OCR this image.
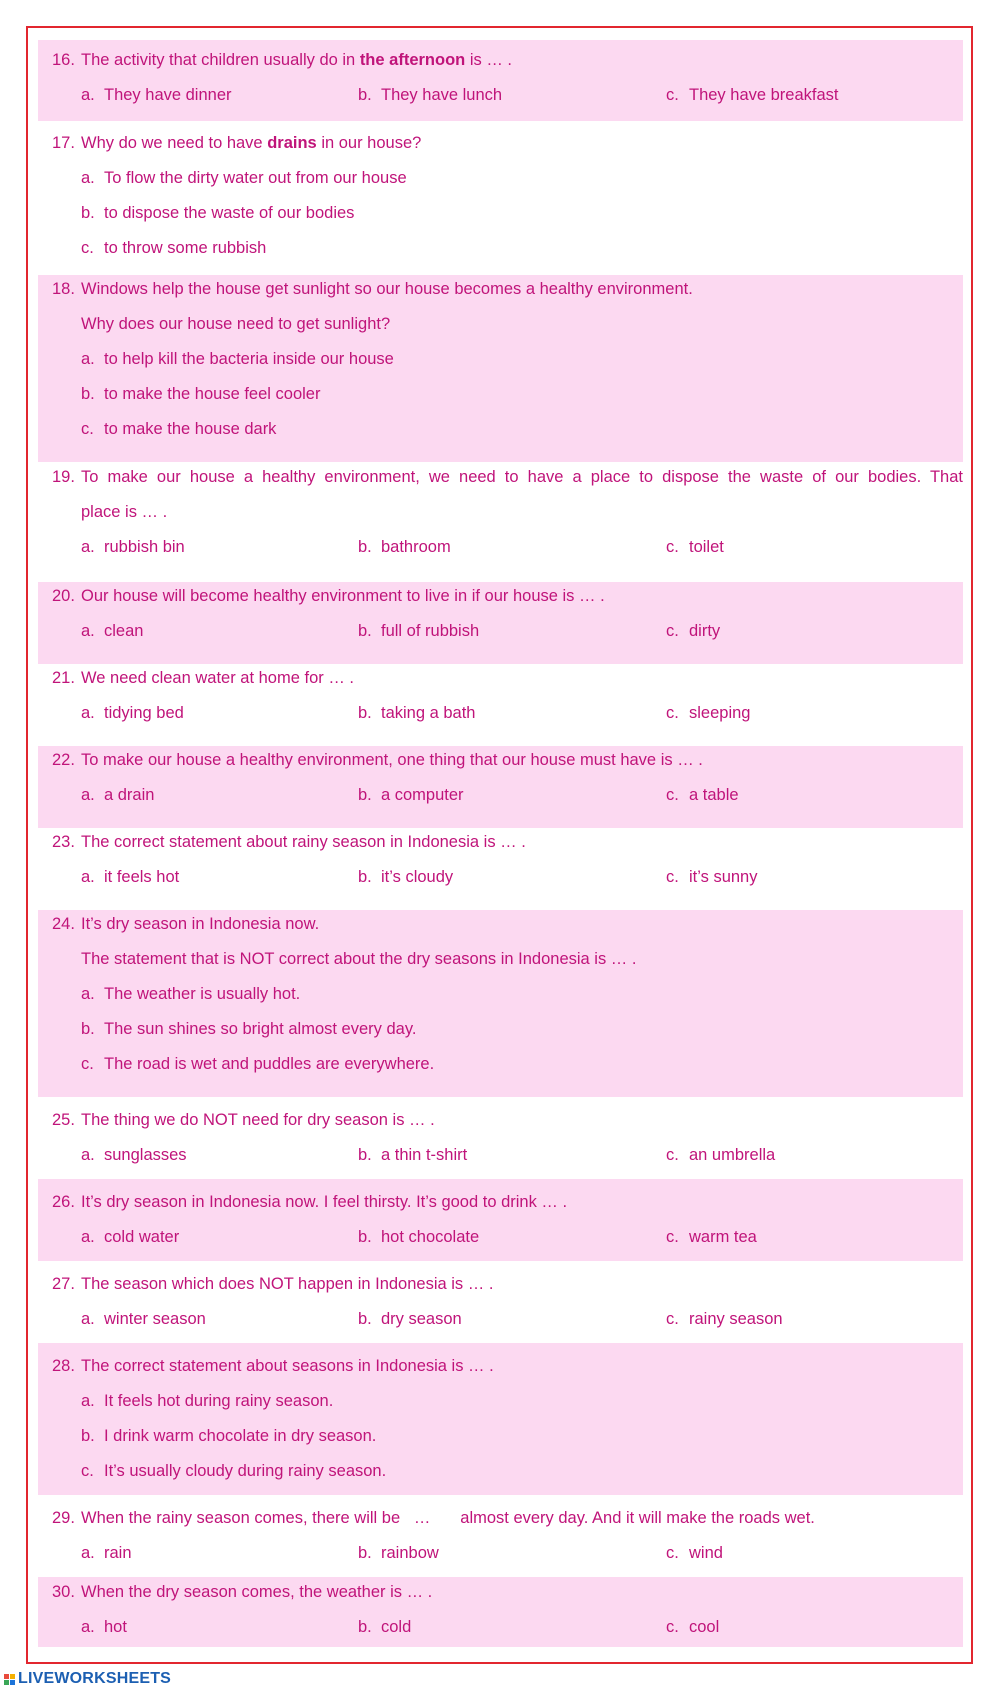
16. The activity that children usually do in the afternoon is … .
a. They have dinner	b. They have lunch	c. They have breakfast
17. Why do we need to have drains in our house?
a. To flow the dirty water out from our house
b. to dispose the waste of our bodies
c. to throw some rubbish
18. Windows help the house get sunlight so our house becomes a healthy environment.
Why does our house need to get sunlight?
a. to help kill the bacteria inside our house
b. to make the house feel cooler
c. to make the house dark
19. To make our house a healthy environment, we need to have a place to dispose the waste of our bodies. That
place is … .
a. rubbish bin	b. bathroom	c. toilet
20. Our house will become healthy environment to live in if our house is … .
a. clean	b. full of rubbish	c. dirty
21. We need clean water at home for … .
a. tidying bed	b. taking a bath	c. sleeping
22. To make our house a healthy environment, one thing that our house must have is … .
a. a drain	b. a computer	c. a table
23. The correct statement about rainy season in Indonesia is … .
a. it feels hot	b. it’s cloudy	c. it’s sunny
24. It’s dry season in Indonesia now.
The statement that is NOT correct about the dry seasons in Indonesia is … .
a. The weather is usually hot.
b. The sun shines so bright almost every day.
c. The road is wet and puddles are everywhere.
25. The thing we do NOT need for dry season is … .
a. sunglasses	b. a thin t-shirt	c. an umbrella
26. It’s dry season in Indonesia now. I feel thirsty. It’s good to drink … .
a. cold water	b. hot chocolate	c. warm tea
27. The season which does NOT happen in Indonesia is … .
a. winter season	b. dry season	c. rainy season
28. The correct statement about seasons in Indonesia is … .
a. It feels hot during rainy season.
b. I drink warm chocolate in dry season.
c. It’s usually cloudy during rainy season.
29. When the rainy season comes, there will be … almost every day. And it will make the roads wet.
a. rain	b. rainbow	c. wind
30. When the dry season comes, the weather is … .
a. hot	b. cold	c. cool
LIVEWORKSHEETS
